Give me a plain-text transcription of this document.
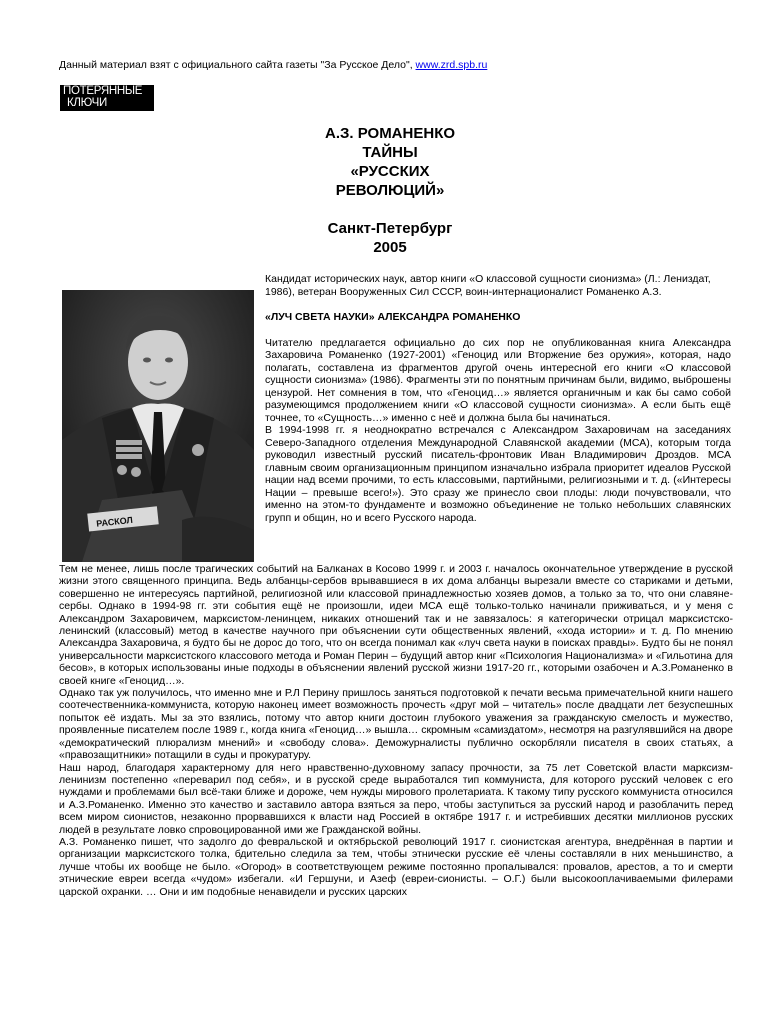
Данный материал взят с официального сайта газеты "За Русское Дело", www.zrd.spb.ru
ПОТЕРЯННЫЕ
КЛЮЧИ
А.З. РОМАНЕНКО
ТАЙНЫ
«РУССКИХ
РЕВОЛЮЦИЙ»
Санкт-Петербург
2005
РАСКОЛ

Кандидат исторических наук, автор книги «О классовой сущности сионизма» (Л.: Лениздат, 1986), ветеран Вооруженных Сил СССР, воин-интернационалист Романенко А.З.

«ЛУЧ СВЕТА НАУКИ» АЛЕКСАНДРА РОМАНЕНКО

Читателю предлагается официально до сих пор не опубликованная книга Александра Захаровича Романенко (1927-2001) «Геноцид или Вторжение без оружия», которая, надо полагать, составлена из фрагментов другой очень интересной его книги «О классовой сущности сионизма» (1986). Фрагменты эти по понятным причинам были, видимо, выброшены цензурой. Нет сомнения в том, что «Геноцид…» является органичным и как бы само собой разумеющимся продолжением книги «О классовой сущности сионизма». А если быть ещё точнее, то «Сущность…» именно с неё и должна была бы начинаться.

В 1994-1998 гг. я неоднократно встречался с Александром Захаровичам на заседаниях Северо-Западного отделения Международной Славянской академии (МСА), которым тогда руководил известный русский писатель-фронтовик Иван Владимирович Дроздов. МСА главным своим организационным принципом изначально избрала приоритет идеалов Русской нации над всеми прочими, то есть классовыми, партийными, религиозными и т. д. («Интересы Нации – превыше всего!»). Это сразу же принесло свои плоды: люди почувствовали, что именно на этом-то фундаменте и возможно объединение не только небольших славянских групп и общин, но и всего Русского народа.

Тем не менее, лишь после трагических событий на Балканах в Косово 1999 г. и 2003 г. началось окончательное утверждение в русской жизни этого священного принципа. Ведь албанцы-сербов врывавшиеся в их дома албанцы вырезали вместе со стариками и детьми, совершенно не интересуясь партийной, религиозной или классовой принадлежностью хозяев домов, а только за то, что они славяне-сербы. Однако в 1994-98 гг. эти события ещё не произошли, идеи МСА ещё только-только начинали приживаться, и у меня с Александром Захаровичем, марксистом-ленинцем, никаких отношений так и не завязалось: я категорически отрицал марксистско-ленинский (классовый) метод в качестве научного при объяснении сути общественных явлений, «хода истории» и т. д. По мнению Александра Захаровича, я будто бы не дорос до того, что он всегда понимал как «луч света науки в поисках правды». Будто бы не понял универсальности марксистского классового метода и Роман Перин – будущий автор книг «Психология Национализма» и «Гильотина для бесов», в которых использованы иные подходы в объяснении явлений русской жизни 1917-20 гг., которыми озабочен и А.З.Романенко в своей книге «Геноцид…».

Однако так уж получилось, что именно мне и Р.Л Перину пришлось заняться подготовкой к печати весьма примечательной книги нашего соотечественника-коммуниста, которую наконец имеет возможность прочесть «друг мой – читатель» после двадцати лет безуспешных попыток её издать. Мы за это взялись, потому что автор книги достоин глубокого уважения за гражданскую смелость и мужество, проявленные писателем после 1989 г., когда книга «Геноцид…» вышла… скромным «самиздатом», несмотря на разгулявшийся на дворе «демократический плюрализм мнений» и «свободу слова». Деможурналисты публично оскорбляли писателя в своих статьях, а «правозащитники» потащили в суды и прокуратуру.

Наш народ, благодаря характерному для него нравственно-духовному запасу прочности, за 75 лет Советской власти марксизм-ленинизм постепенно «переварил под себя», и в русской среде выработался тип коммуниста, для которого русский человек с его нуждами и проблемами был всё-таки ближе и дороже, чем нужды мирового пролетариата. К такому типу русского коммуниста относился и А.З.Романенко. Именно это качество и заставило автора взяться за перо, чтобы заступиться за русский народ и разоблачить перед всем миром сионистов, незаконно прорвавшихся к власти над Россией в октябре 1917 г. и истребивших десятки миллионов русских людей в результате ловко спровоцированной ими же Гражданской войны.

А.З. Романенко пишет, что задолго до февральской и октябрьской революций 1917 г. сионистская агентура, внедрённая в партии и организации марксистского толка, бдительно следила за тем, чтобы этнически русские её члены составляли в них меньшинство, а лучше чтобы их вообще не было. «Огород» в соответствующем режиме постоянно пропалывался: провалов, арестов, а то и смерти этнические евреи всегда «чудом» избегали. «И Гершуни, и Азеф (евреи-сионисты. – О.Г.) были высокооплачиваемыми филерами царской охранки. … Они и им подобные ненавидели и русских царских
